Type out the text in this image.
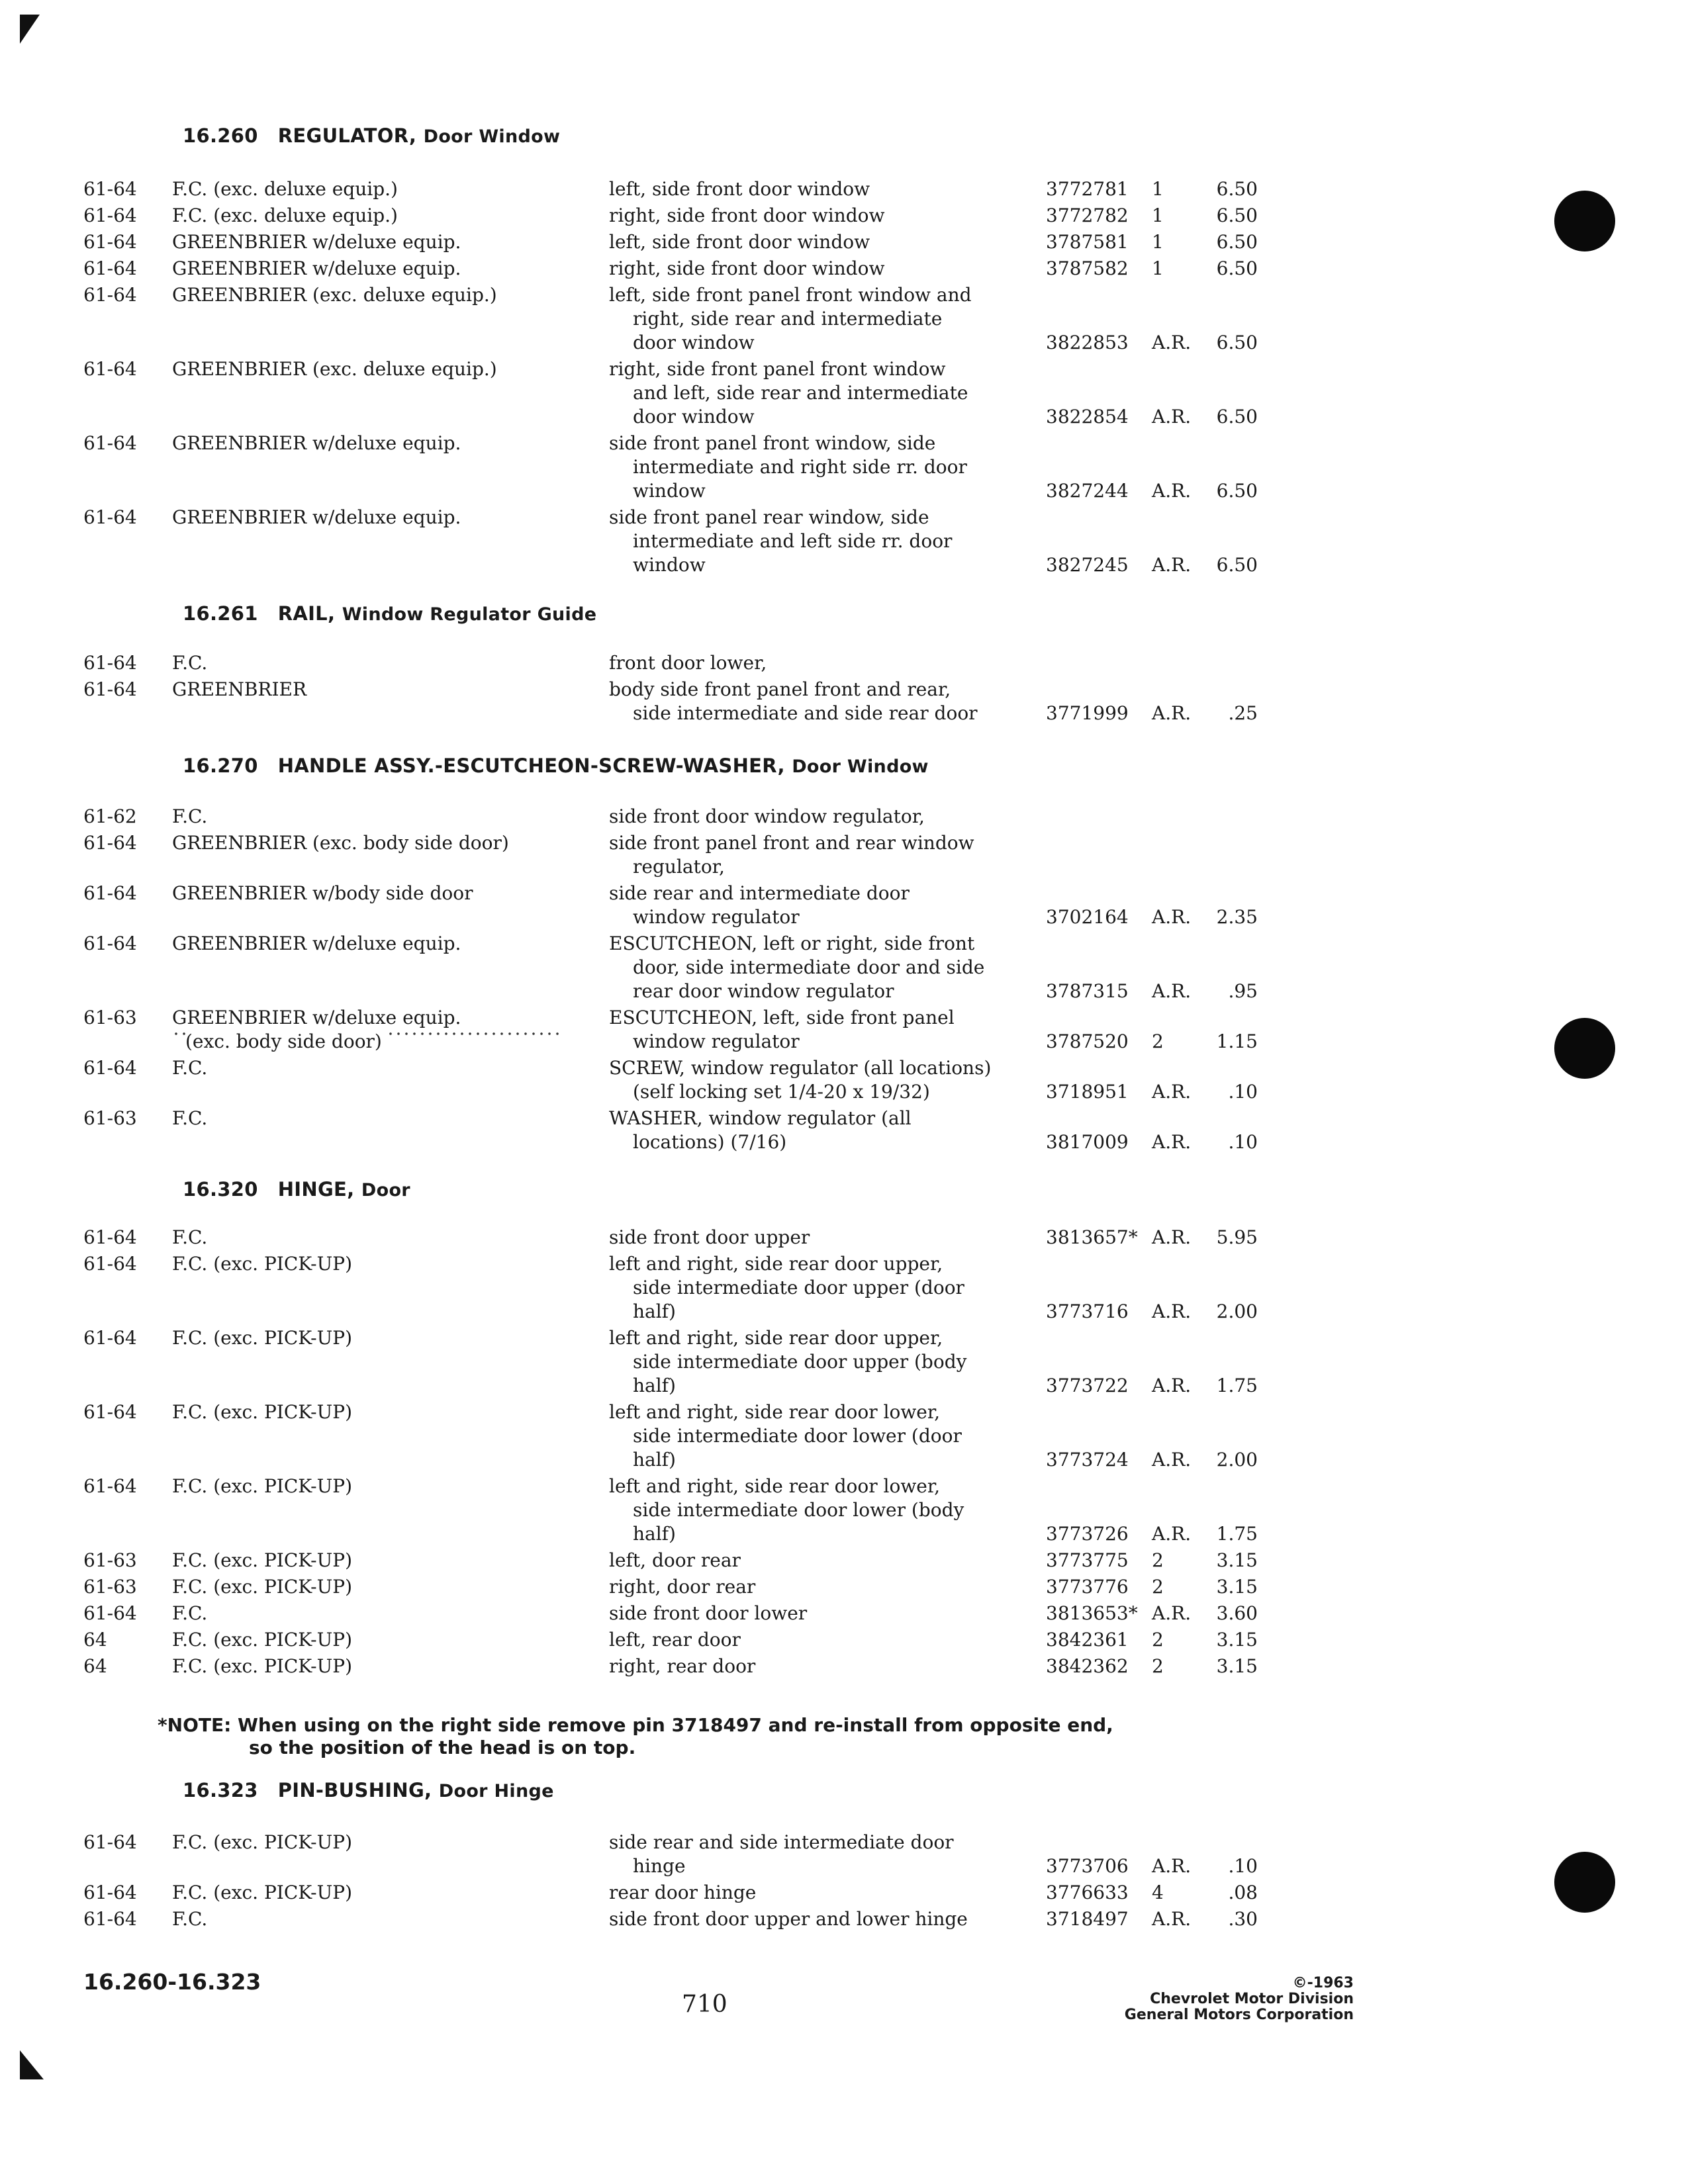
16.260 REGULATOR, Door Window
61-64 F.C. (exc. deluxe equip.)	left, side front door window	3772781 1	6.50
61-64 F.C. (exc. deluxe equip.)	right, side front door window	3772782 1	6.50
61-64 GREENBRIER w/deluxe equip.	left, side front door window	3787581 1	6.50
61-64 GREENBRIER w/deluxe equip.	right, side front door window	3787582 1	6.50
61-64 GREENBRIER (exc. deluxe equip.)	left, side front panel front window and
right, side rear and intermediate
door window	3822853 A.R. 6.50
61-64 GREENBRIER (exc. deluxe equip.)	right, side front panel front window
and left, side rear and intermediate
door window	3822854 A.R. 6.50
61-64 GREENBRIER w/deluxe equip.	side front panel front window, side
intermediate and right side rr. door
window	3827244 A.R. 6.50
61-64 GREENBRIER w/deluxe equip.	side front panel rear window, side
intermediate and left side rr. door
window	3827245 A.R. 6.50
16.261 RAIL, Window Regulator Guide
61-64 F.C.	front door lower,
61-64 GREENBRIER	body side front panel front and rear,
side intermediate and side rear door	3771999 A.R. .25
16.270 HANDLE ASSY.-ESCUTCHEON-SCREW-WASHER, Door Window
61-62 F.C.	side front door window regulator,
61-64 GREENBRIER (exc. body side door)	side front panel front and rear window
regulator,
61-64 GREENBRIER w/body side door	side rear and intermediate door
window regulator	3702164 A.R. 2.35
61-64 GREENBRIER w/deluxe equip.	ESCUTCHEON, left or right, side front
door, side intermediate door and side
rear door window regulator	3787315 A.R. .95
61-63 GREENBRIER w/deluxe equip.
(exc. body side door)
ESCUTCHEON, left, side front panel
window regulator	3787520 2	1.15
61-64 F.C.	SCREW, window regulator (all locations)
(self locking set 1/4-20 x 19/32)	3718951 A.R. .10
61-63 F.C.	WASHER, window regulator (all
locations) (7/16)	3817009 A.R. .10
16.320 HINGE, Door
61-64 F.C.	side front door upper	3813657* A.R. 5.95
61-64 F.C. (exc. PICK-UP)	left and right, side rear door upper,
side intermediate door upper (door
half)	3773716 A.R. 2.00
61-64 F.C. (exc. PICK-UP)	left and right, side rear door upper,
side intermediate door upper (body
half)	3773722 A.R. 1.75
61-64 F.C. (exc. PICK-UP)	left and right, side rear door lower,
side intermediate door lower (door
half)	3773724 A.R. 2.00
61-64 F.C. (exc. PICK-UP)	left and right, side rear door lower,
side intermediate door lower (body
half)	3773726 A.R. 1.75
61-63 F.C. (exc. PICK-UP)	left, door rear	3773775 2	3.15
61-63 F.C. (exc. PICK-UP)	right, door rear	3773776 2	3.15
61-64 F.C.	side front door lower	3813653* A.R. 3.60
64	F.C. (exc. PICK-UP)	left, rear door	3842361 2	3.15
64	F.C. (exc. PICK-UP)	right, rear door	3842362 2	3.15
16.323 PIN-BUSHING, Door Hinge
61-64 F.C. (exc. PICK-UP)	side rear and side intermediate door
hinge	3773706 A.R. .10
61-64 F.C. (exc. PICK-UP)	rear door hinge	3776633 4	.08
61-64 F.C.	side front door upper and lower hinge	3718497 A.R. .30
*NOTE: When using on the right side remove pin 3718497 and re-install from opposite end,
so the position of the head is on top.
16.260-16.323
710
©-1963
Chevrolet Motor Division
General Motors Corporation
